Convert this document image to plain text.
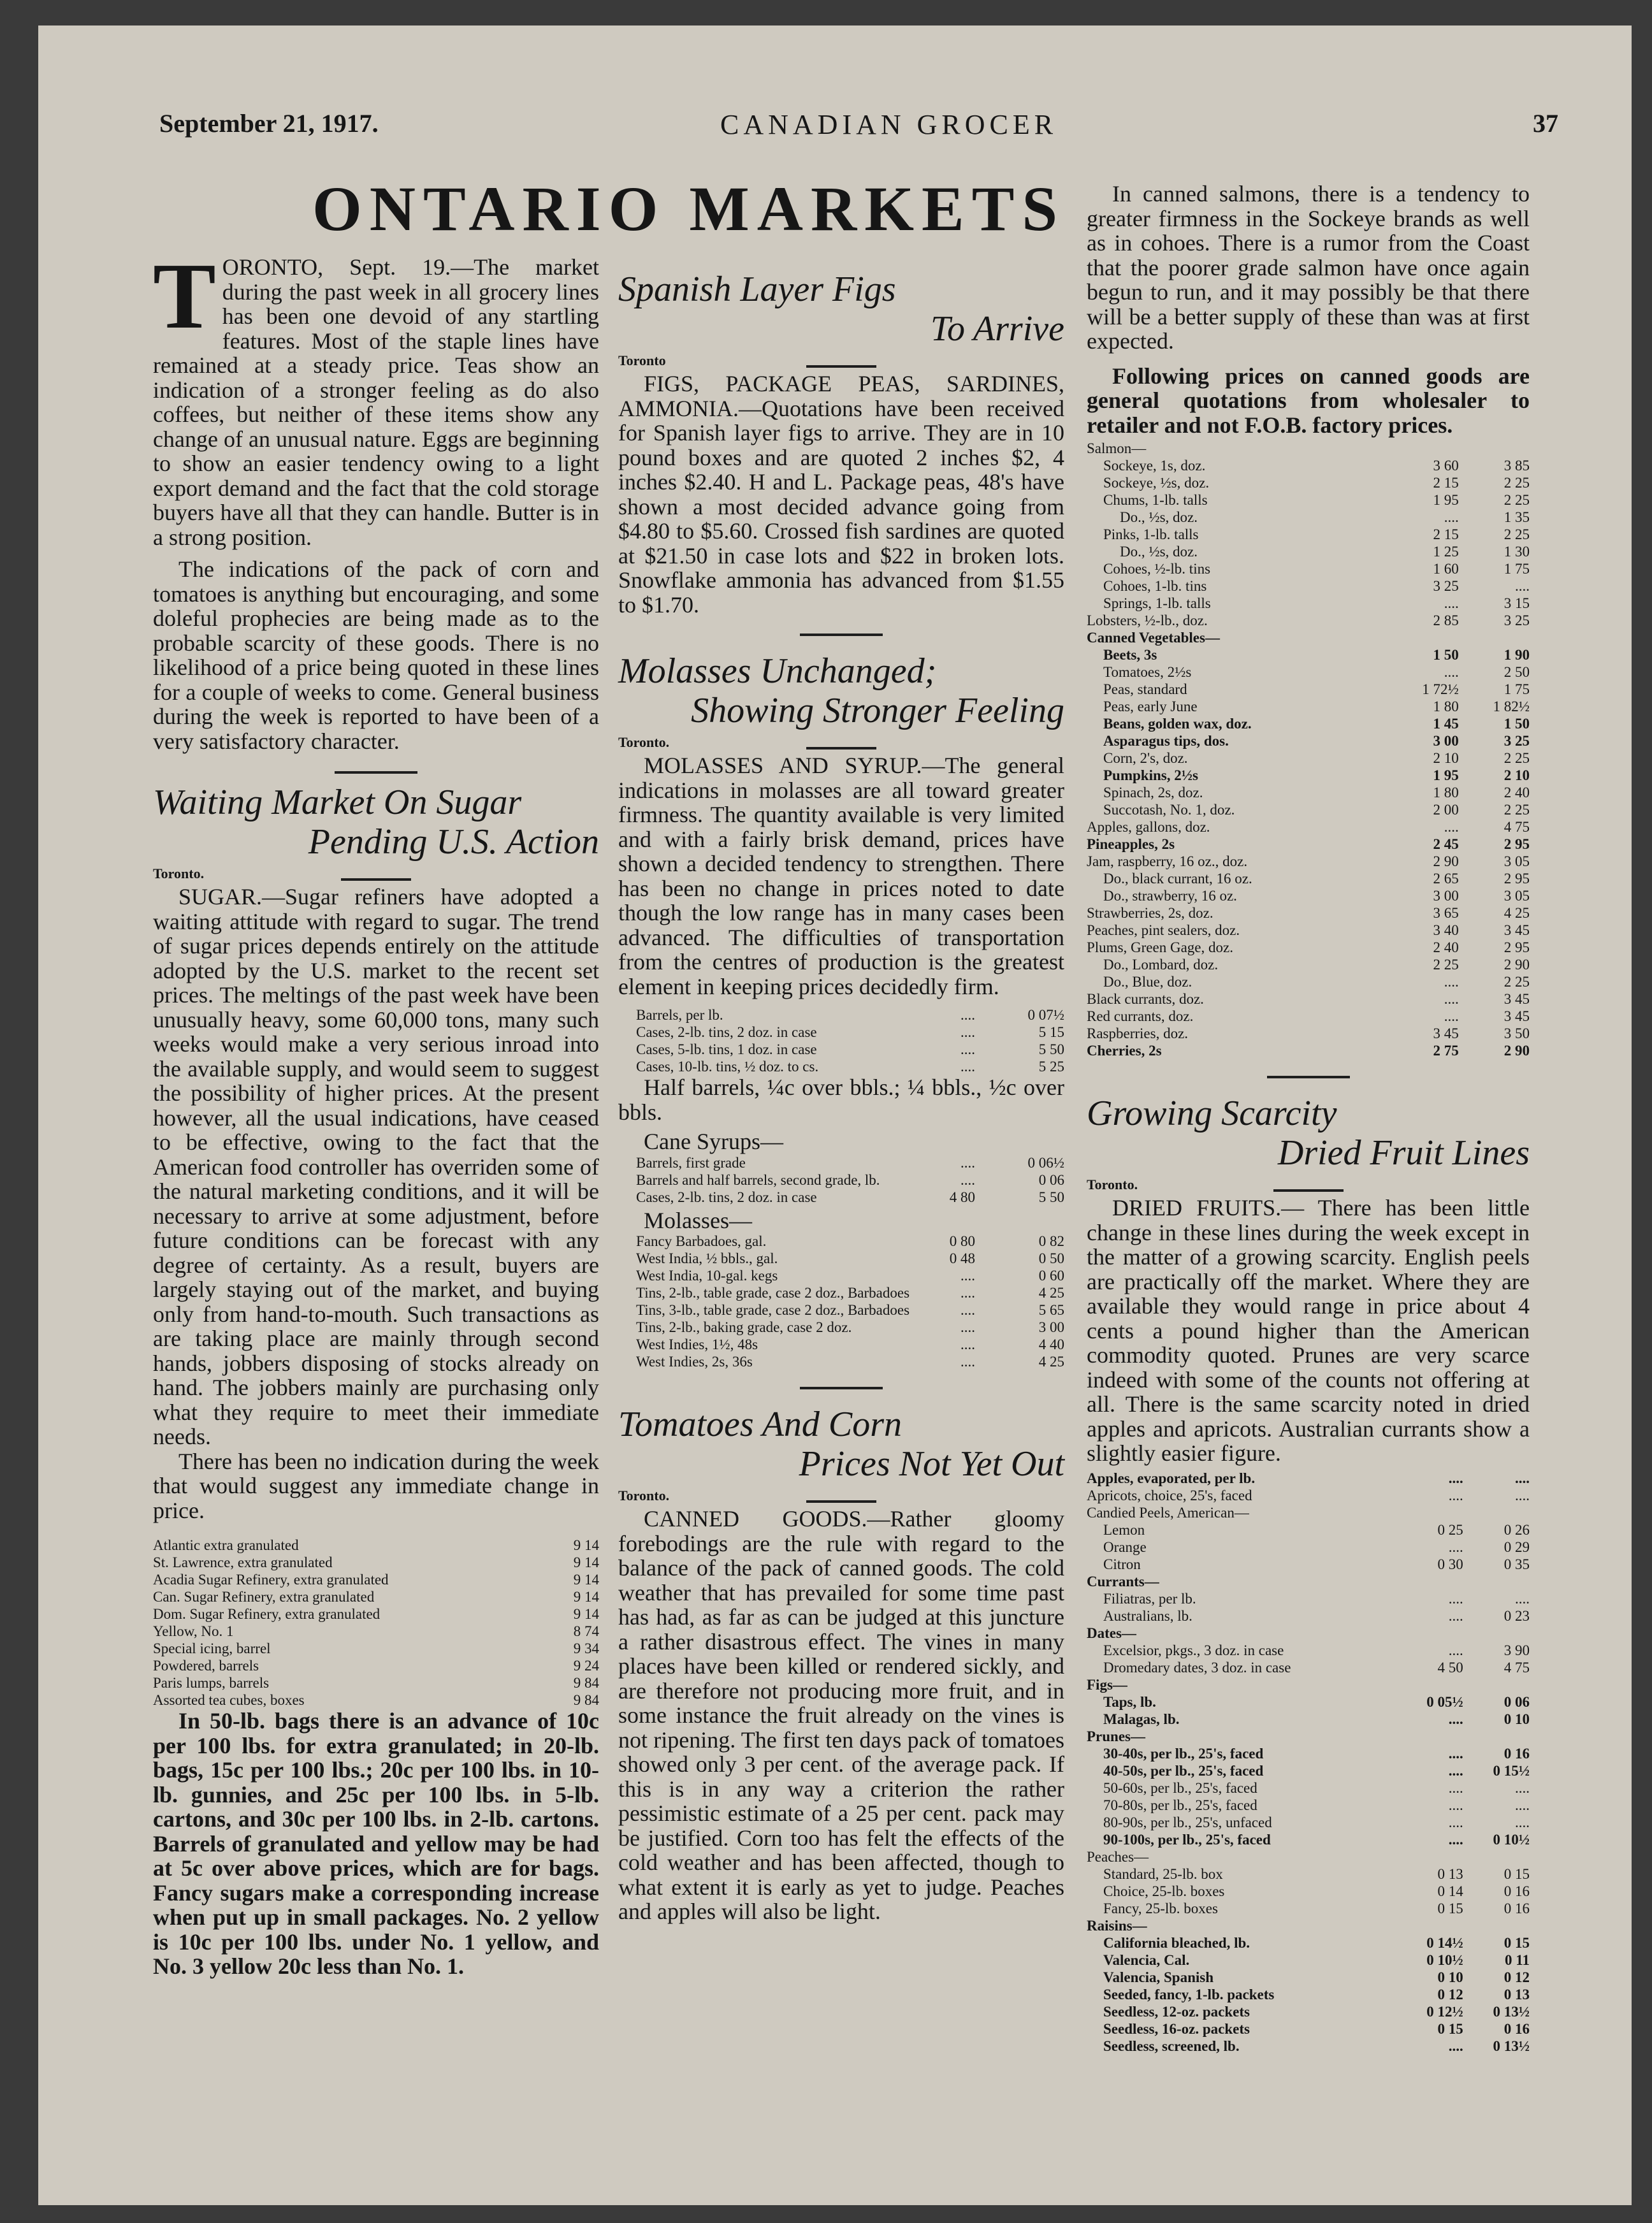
September 21, 1917.	CANADIAN GROCER	37
ONTARIO MARKETS

TORONTO, Sept. 19.—The market during the past week in all grocery lines has been one devoid of any startling features. Most of the staple lines have remained at a steady price. Teas show an indication of a stronger feeling as do also coffees, but neither of these items show any change of an unusual nature. Eggs are beginning to show an easier tendency owing to a light export demand and the fact that the cold storage buyers have all that they can handle. Butter is in a strong position.

The indications of the pack of corn and tomatoes is anything but encouraging, and some doleful prophecies are being made as to the probable scarcity of these goods. There is no likelihood of a price being quoted in these lines for a couple of weeks to come. General business during the week is reported to have been of a very satisfactory character.

Waiting Market On Sugar
Pending U.S. Action
Toronto.

SUGAR.—Sugar refiners have adopted a waiting attitude with regard to sugar. The trend of sugar prices depends entirely on the attitude adopted by the U.S. market to the recent set prices. The meltings of the past week have been unusually heavy, some 60,000 tons, many such weeks would make a very serious inroad into the available supply, and would seem to suggest the possibility of higher prices. At the present however, all the usual indications, have ceased to be effective, owing to the fact that the American food controller has overriden some of the natural marketing conditions, and it will be necessary to arrive at some adjustment, before future conditions can be forecast with any degree of certainty. As a result, buyers are largely staying out of the market, and buying only from hand-to-mouth. Such transactions as are taking place are mainly through second hands, jobbers disposing of stocks already on hand. The jobbers mainly are purchasing only what they require to meet their immediate needs.

There has been no indication during the week that would suggest any immediate change in price.

Atlantic extra granulated	9 14
St. Lawrence, extra granulated	9 14
Acadia Sugar Refinery, extra granulated	9 14
Can. Sugar Refinery, extra granulated	9 14
Dom. Sugar Refinery, extra granulated	9 14
Yellow, No. 1	8 74
Special icing, barrel	9 34
Powdered, barrels	9 24
Paris lumps, barrels	9 84
Assorted tea cubes, boxes	9 84

In 50-lb. bags there is an advance of 10c per 100 lbs. for extra granulated; in 20-lb. bags, 15c per 100 lbs.; 20c per 100 lbs. in 10-lb. gunnies, and 25c per 100 lbs. in 5-lb. cartons, and 30c per 100 lbs. in 2-lb. cartons. Barrels of granulated and yellow may be had at 5c over above prices, which are for bags. Fancy sugars make a corresponding increase when put up in small packages. No. 2 yellow is 10c per 100 lbs. under No. 1 yellow, and No. 3 yellow 20c less than No. 1.

Spanish Layer Figs
To Arrive
Toronto

FIGS, PACKAGE PEAS, SARDINES, AMMONIA.—Quotations have been received for Spanish layer figs to arrive. They are in 10 pound boxes and are quoted 2 inches $2, 4 inches $2.40. H and L. Package peas, 48's have shown a most decided advance going from $4.80 to $5.60. Crossed fish sardines are quoted at $21.50 in case lots and $22 in broken lots. Snowflake ammonia has advanced from $1.55 to $1.70.

Molasses Unchanged;
Showing Stronger Feeling
Toronto.

MOLASSES AND SYRUP.—The general indications in molasses are all toward greater firmness. The quantity available is very limited and with a fairly brisk demand, prices have shown a decided tendency to strengthen. There has been no change in prices noted to date though the low range has in many cases been advanced. The difficulties of transportation from the centres of production is the greatest element in keeping prices decidedly firm.

Barrels, per lb.	....	0 07½
Cases, 2-lb. tins, 2 doz. in case	....	5 15
Cases, 5-lb. tins, 1 doz. in case	....	5 50
Cases, 10-lb. tins, ½ doz. to cs.	....	5 25

Half barrels, ¼c over bbls.; ¼ bbls., ½c over bbls.

Cane Syrups—

Barrels, first grade		....	0 06½
Barrels and half barrels, second grade, lb.		....	0 06
Cases, 2-lb. tins, 2 doz. in case		4 80	5 50

Molasses—

Fancy Barbadoes, gal.	0 80	0 82
West India, ½ bbls., gal.	0 48	0 50
West India, 10-gal. kegs	....	0 60
Tins, 2-lb., table grade, case 2 doz., Barbadoes	....	4 25
Tins, 3-lb., table grade, case 2 doz., Barbadoes	....	5 65
Tins, 2-lb., baking grade, case 2 doz.	....	3 00
West Indies, 1½, 48s	....	4 40
West Indies, 2s, 36s	....	4 25
Tomatoes And Corn
Prices Not Yet Out
Toronto.

CANNED GOODS.—Rather gloomy forebodings are the rule with regard to the balance of the pack of canned goods. The cold weather that has prevailed for some time past has had, as far as can be judged at this juncture a rather disastrous effect. The vines in many places have been killed or rendered sickly, and are therefore not producing more fruit, and in some instance the fruit already on the vines is not ripening. The first ten days pack of tomatoes showed only 3 per cent. of the average pack. If this is in any way a criterion the rather pessimistic estimate of a 25 per cent. pack may be justified. Corn too has felt the effects of the cold weather and has been affected, though to what extent it is early as yet to judge. Peaches and apples will also be light.

In canned salmons, there is a tendency to greater firmness in the Sockeye brands as well as in cohoes. There is a rumor from the Coast that the poorer grade salmon have once again begun to run, and it may possibly be that there will be a better supply of these than was at first expected.

Following prices on canned goods are general quotations from wholesaler to retailer and not F.O.B. factory prices.

Salmon—		
Sockeye, 1s, doz.	3 60	3 85
Sockeye, ½s, doz.	2 15	2 25
Chums, 1-lb. talls	1 95	2 25
Do., ½s, doz.	....	1 35
Pinks, 1-lb. talls	2 15	2 25
Do., ½s, doz.	1 25	1 30
Cohoes, ½-lb. tins	1 60	1 75
Cohoes, 1-lb. tins	3 25	....
Springs, 1-lb. talls	....	3 15
Lobsters, ½-lb., doz.	2 85	3 25
Canned Vegetables—		
Beets, 3s	1 50	1 90
Tomatoes, 2½s	....	2 50
Peas, standard	1 72½	1 75
Peas, early June	1 80	1 82½
Beans, golden wax, doz.	1 45	1 50
Asparagus tips, dos.	3 00	3 25
Corn, 2's, doz.	2 10	2 25
Pumpkins, 2½s	1 95	2 10
Spinach, 2s, doz.	1 80	2 40
Succotash, No. 1, doz.	2 00	2 25
Apples, gallons, doz.	....	4 75
Pineapples, 2s	2 45	2 95
Jam, raspberry, 16 oz., doz.	2 90	3 05
Do., black currant, 16 oz.	2 65	2 95
Do., strawberry, 16 oz.	3 00	3 05
Strawberries, 2s, doz.	3 65	4 25
Peaches, pint sealers, doz.	3 40	3 45
Plums, Green Gage, doz.	2 40	2 95
Do., Lombard, doz.	2 25	2 90
Do., Blue, doz.	....	2 25
Black currants, doz.	....	3 45
Red currants, doz.	....	3 45
Raspberries, doz.	3 45	3 50
Cherries, 2s	2 75	2 90
Growing Scarcity
Dried Fruit Lines
Toronto.

DRIED FRUITS.— There has been little change in these lines during the week except in the matter of a growing scarcity. English peels are practically off the market. Where they are available they would range in price about 4 cents a pound higher than the American commodity quoted. Prunes are very scarce indeed with some of the counts not offering at all. There is the same scarcity noted in dried apples and apricots. Australian currants show a slightly easier figure.

Apples, evaporated, per lb.	....	....
Apricots, choice, 25's, faced	....	....
Candied Peels, American—		
Lemon	0 25	0 26
Orange	....	0 29
Citron	0 30	0 35
Currants—		
Filiatras, per lb.	....	....
Australians, lb.	....	0 23
Dates—		
Excelsior, pkgs., 3 doz. in case	....	3 90
Dromedary dates, 3 doz. in case	4 50	4 75
Figs—		
Taps, lb.	0 05½	0 06
Malagas, lb.	....	0 10
Prunes—		
30-40s, per lb., 25's, faced	....	0 16
40-50s, per lb., 25's, faced	....	0 15½
50-60s, per lb., 25's, faced	....	....
70-80s, per lb., 25's, faced	....	....
80-90s, per lb., 25's, unfaced	....	....
90-100s, per lb., 25's, faced	....	0 10½
Peaches—		
Standard, 25-lb. box	0 13	0 15
Choice, 25-lb. boxes	0 14	0 16
Fancy, 25-lb. boxes	0 15	0 16
Raisins—		
California bleached, lb.	0 14½	0 15
Valencia, Cal.	0 10½	0 11
Valencia, Spanish	0 10	0 12
Seeded, fancy, 1-lb. packets	0 12	0 13
Seedless, 12-oz. packets	0 12½	0 13½
Seedless, 16-oz. packets	0 15	0 16
Seedless, screened, lb.	....	0 13½
